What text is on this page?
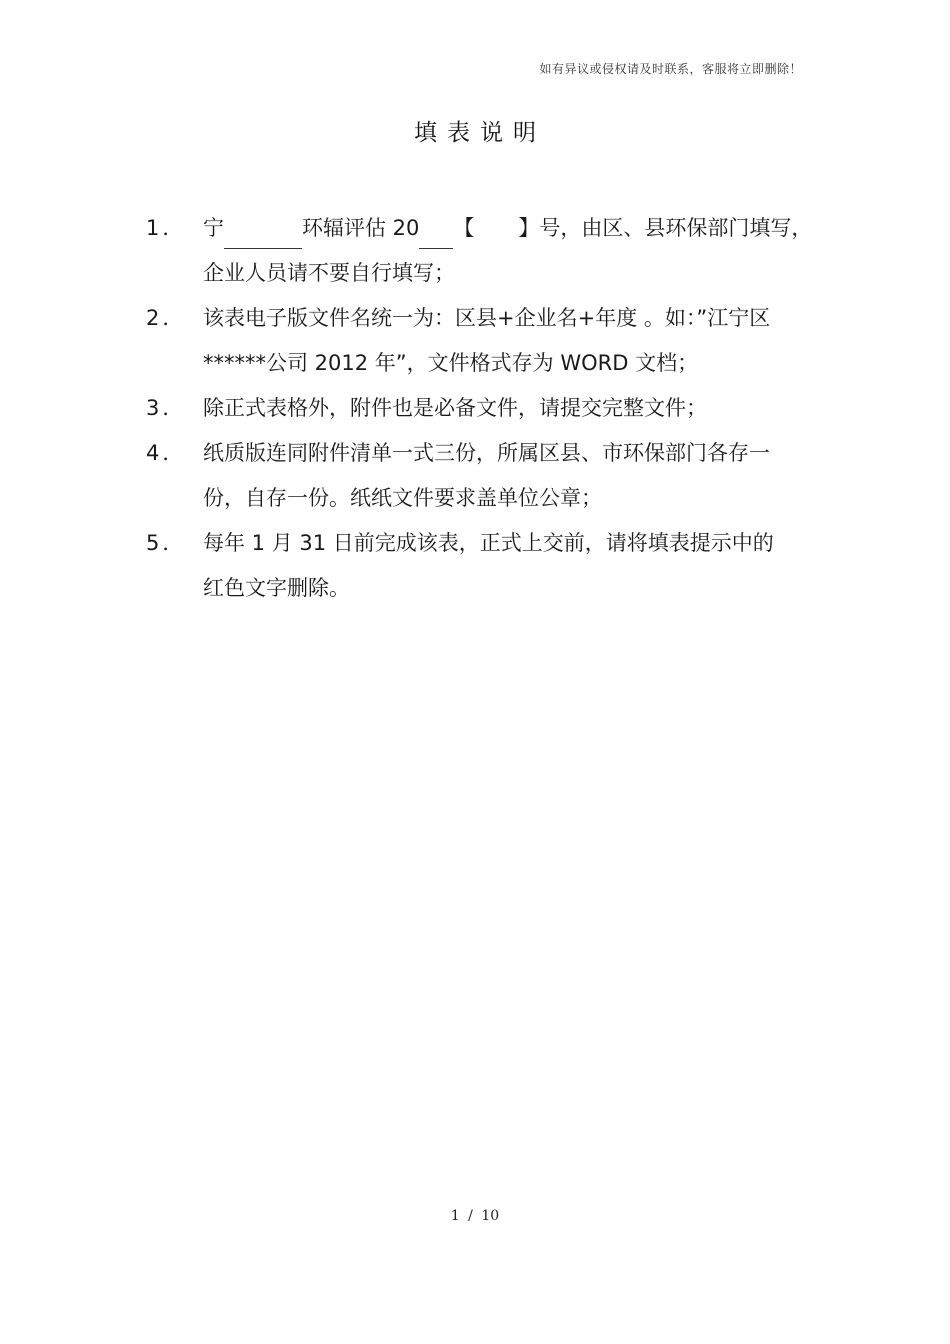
如有异议或侵权请及时联系，客服将立即删除！
填表说明
1． 宁	环辐评估 20 【 】号，由区、县环保部门填写，
企业人员请不要自行填写；
2． 该表电子版文件名统一为：区县+企业名+年度 。如：”江宁区
******公司 2012 年”，文件格式存为 WORD 文档；
3． 除正式表格外，附件也是必备文件，请提交完整文件；
4． 纸质版连同附件清单一式三份，所属区县、市环保部门各存一
份，自存一份。纸纸文件要求盖单位公章；
5． 每年 1 月 31 日前完成该表，正式上交前，请将填表提示中的
红色文字删除。
1 / 10
